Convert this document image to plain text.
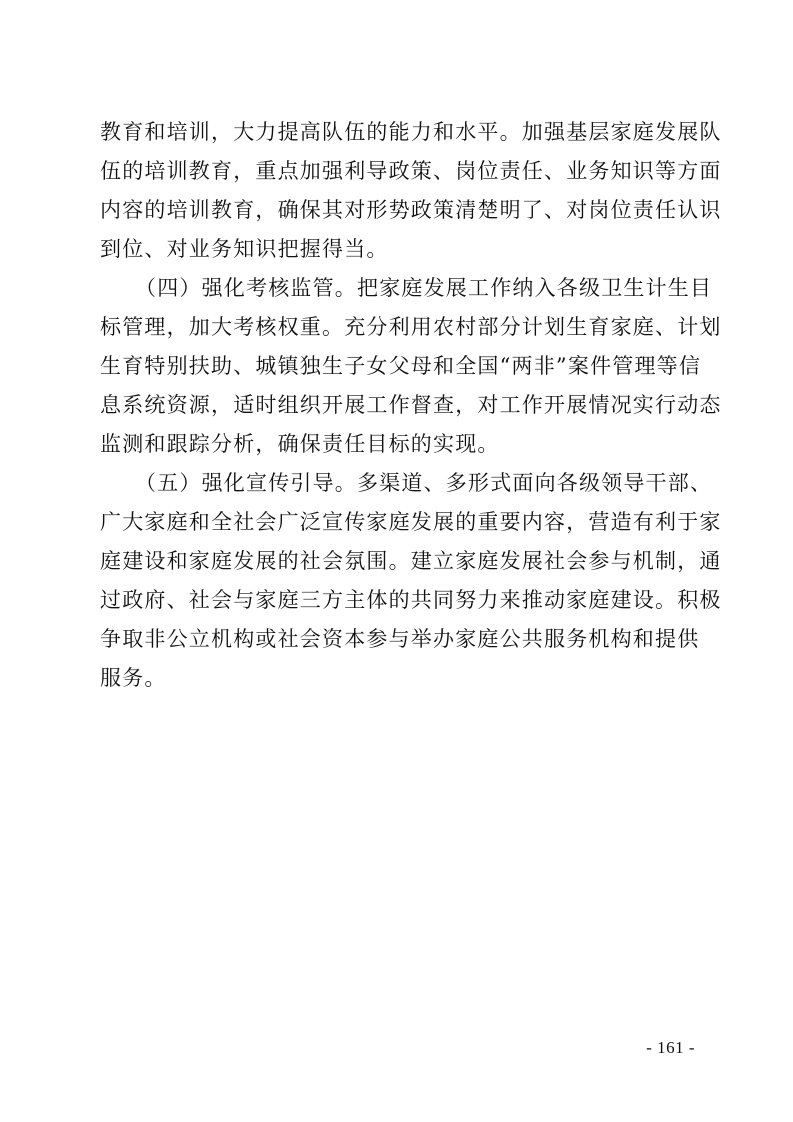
教育和培训，大力提高队伍的能力和水平。加强基层家庭发展队
伍的培训教育，重点加强利导政策、岗位责任、业务知识等方面
内容的培训教育，确保其对形势政策清楚明了、对岗位责任认识
到位、对业务知识把握得当。
（四）强化考核监管。把家庭发展工作纳入各级卫生计生目
标管理，加大考核权重。充分利用农村部分计划生育家庭、计划
生育特别扶助、城镇独生子女父母和全国“两非”案件管理等信
息系统资源，适时组织开展工作督查，对工作开展情况实行动态
监测和跟踪分析，确保责任目标的实现。
（五）强化宣传引导。多渠道、多形式面向各级领导干部、
广大家庭和全社会广泛宣传家庭发展的重要内容，营造有利于家
庭建设和家庭发展的社会氛围。建立家庭发展社会参与机制，通
过政府、社会与家庭三方主体的共同努力来推动家庭建设。积极
争取非公立机构或社会资本参与举办家庭公共服务机构和提供
服务。
- 161 -
